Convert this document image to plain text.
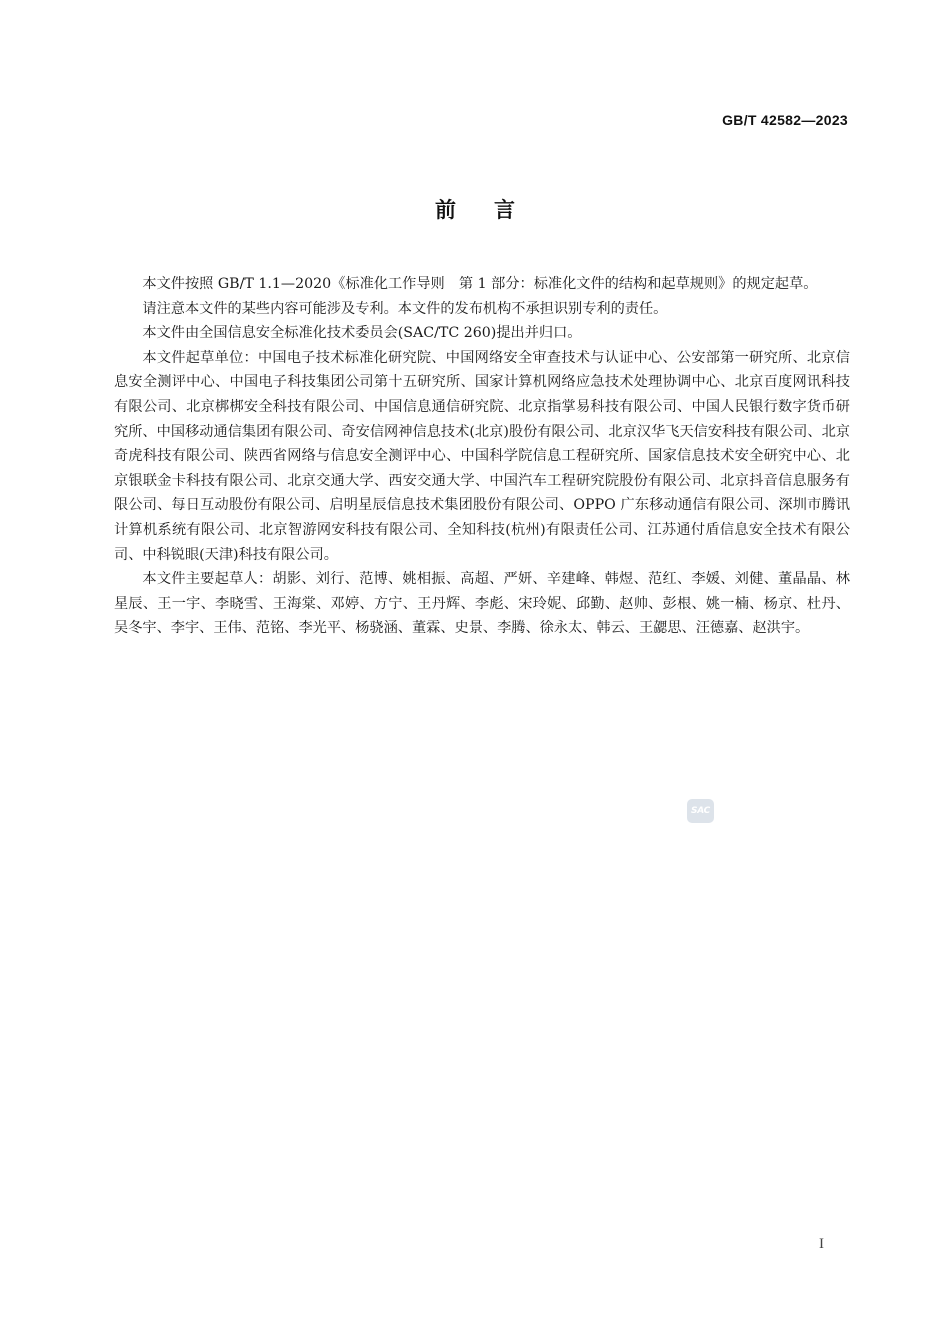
GB/T 42582—2023
前言

本文件按照 GB/T 1.1—2020《标准化工作导则　第 1 部分：标准化文件的结构和起草规则》的规定起草。

请注意本文件的某些内容可能涉及专利。本文件的发布机构不承担识别专利的责任。

本文件由全国信息安全标准化技术委员会(SAC/TC 260)提出并归口。

本文件起草单位：中国电子技术标准化研究院、中国网络安全审查技术与认证中心、公安部第一研究所、北京信息安全测评中心、中国电子科技集团公司第十五研究所、国家计算机网络应急技术处理协调中心、北京百度网讯科技有限公司、北京梆梆安全科技有限公司、中国信息通信研究院、北京指掌易科技有限公司、中国人民银行数字货币研究所、中国移动通信集团有限公司、奇安信网神信息技术(北京)股份有限公司、北京汉华飞天信安科技有限公司、北京奇虎科技有限公司、陕西省网络与信息安全测评中心、中国科学院信息工程研究所、国家信息技术安全研究中心、北京银联金卡科技有限公司、北京交通大学、西安交通大学、中国汽车工程研究院股份有限公司、北京抖音信息服务有限公司、每日互动股份有限公司、启明星辰信息技术集团股份有限公司、OPPO 广东移动通信有限公司、深圳市腾讯计算机系统有限公司、北京智游网安科技有限公司、全知科技(杭州)有限责任公司、江苏通付盾信息安全技术有限公司、中科锐眼(天津)科技有限公司。

本文件主要起草人：胡影、刘行、范博、姚相振、高超、严妍、辛建峰、韩煜、范红、李媛、刘健、董晶晶、林星辰、王一宇、李晓雪、王海棠、邓婷、方宁、王丹辉、李彪、宋玲妮、邱勤、赵帅、彭根、姚一楠、杨京、杜丹、吴冬宇、李宇、王伟、范铭、李光平、杨骁涵、董霖、史景、李腾、徐永太、韩云、王勰思、汪德嘉、赵洪宇。

SAC
I
